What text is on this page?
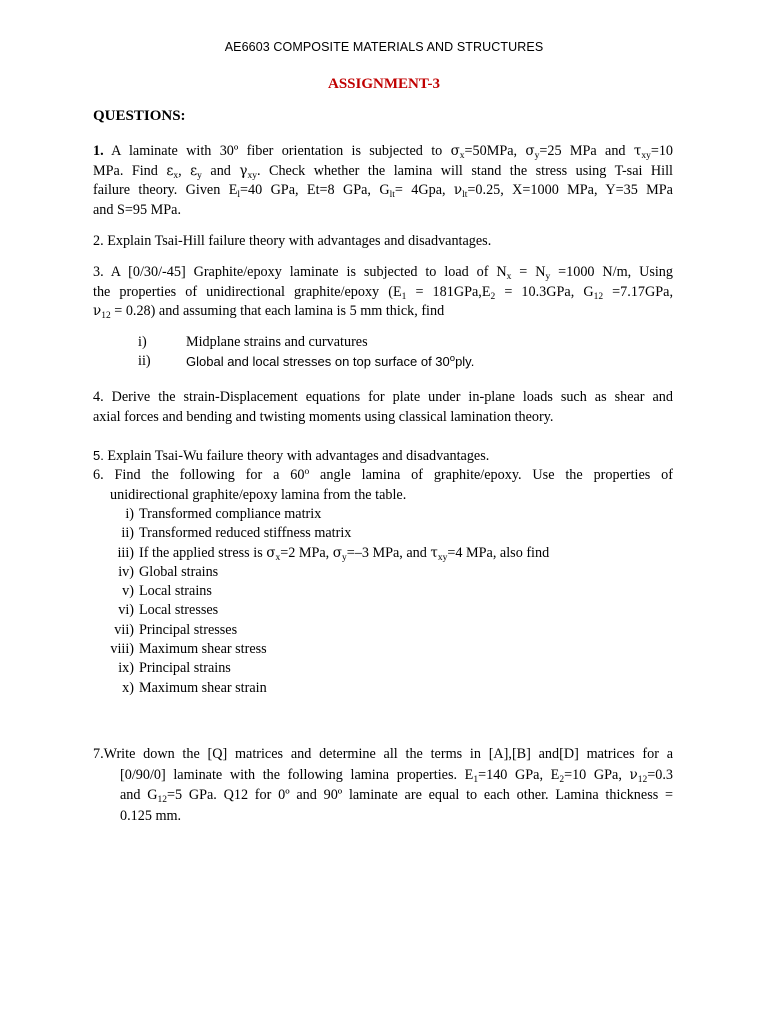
AE6603 COMPOSITE MATERIALS AND STRUCTURES
ASSIGNMENT-3
QUESTIONS:
1. A laminate with 30º fiber orientation is subjected to $\sigma_x=50MPa$, $\sigma_y=25$ MPa and $\tau_{xy}=10$
MPa. Find $\varepsilon_x$, $\varepsilon_y$ and $\gamma_{xy}$. Check whether the lamina will stand the stress using T-sai Hill
failure theory. Given $E_l=40$ GPa, Et=8 GPa, $G_{lt}= 4Gpa$, $\nu_{lt}=0.25$, X=1000 MPa, Y=35 MPa
and S=95 MPa.
2. Explain Tsai-Hill failure theory with advantages and disadvantages.
3. A [0/30/-45] Graphite/epoxy laminate is subjected to load of $N_x = N_y =1000$ N/m, Using
the properties of unidirectional graphite/epoxy ($E_1 = 181GPa,E_2 = 10.3GPa$, $G_{12} =7.17GPa$,
$\nu_{12} = 0.28$) and assuming that each lamina is 5 mm thick, find
i)	Midplane strains and curvatures
ii)	Global and local stresses on top surface of 30$^o$ply.
4. Derive the strain-Displacement equations for plate under in-plane loads such as shear and
axial forces and bending and twisting moments using classical lamination theory.
5. Explain Tsai-Wu failure theory with advantages and disadvantages.
6. Find the following for a 60$^o$ angle lamina of graphite/epoxy. Use the properties of
unidirectional graphite/epoxy lamina from the table.
i) Transformed compliance matrix
ii) Transformed reduced stiffness matrix
iii) If the applied stress is $\sigma_x=2$ MPa, $\sigma_y=-3$ MPa, and $\tau_{xy}=4$ MPa, also find
iv) Global strains
v) Local strains
vi) Local stresses
vii) Principal stresses
viii) Maximum shear stress
ix) Principal strains
x) Maximum shear strain
7.Write down the [Q] matrices and determine all the terms in [A],[B] and[D] matrices for a
[0/90/0] laminate with the following lamina properties. $E_1=140$ GPa, $E_2=10$ GPa, $\nu_{12}=0.3$
and $G_{12}=5$ GPa. Q12 for 0º and 90º laminate are equal to each other. Lamina thickness =
0.125 mm.
